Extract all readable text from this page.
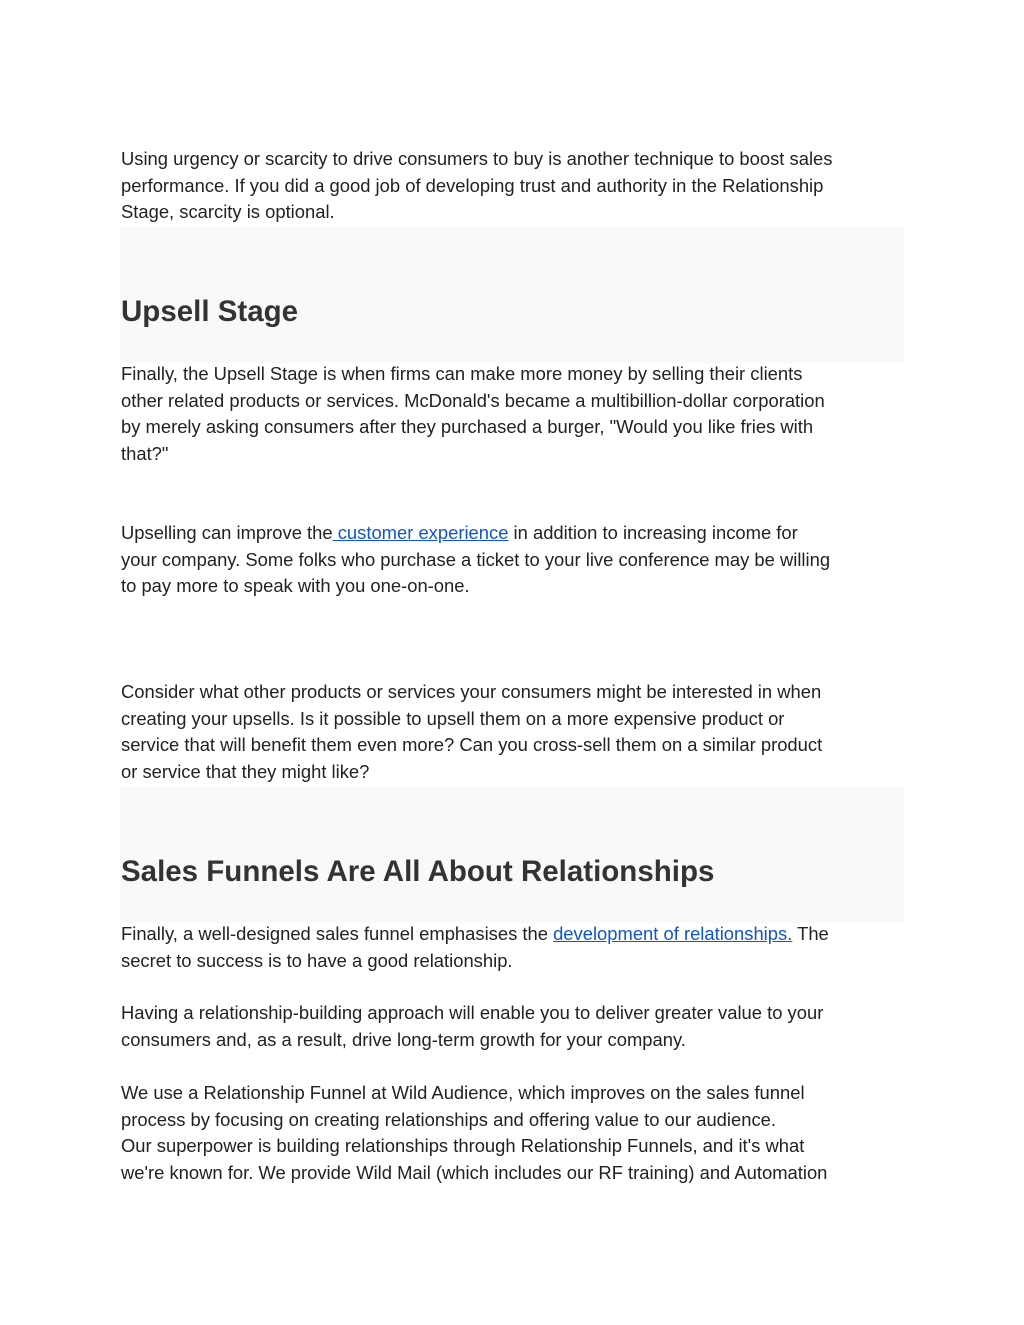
Using urgency or scarcity to drive consumers to buy is another technique to boost sales
performance. If you did a good job of developing trust and authority in the Relationship
Stage, scarcity is optional.

Upsell Stage

Finally, the Upsell Stage is when firms can make more money by selling their clients
other related products or services. McDonald's became a multibillion-dollar corporation
by merely asking consumers after they purchased a burger, "Would you like fries with
that?"

Upselling can improve the customer experience in addition to increasing income for
your company. Some folks who purchase a ticket to your live conference may be willing
to pay more to speak with you one-on-one.

Consider what other products or services your consumers might be interested in when
creating your upsells. Is it possible to upsell them on a more expensive product or
service that will benefit them even more? Can you cross-sell them on a similar product
or service that they might like?

Sales Funnels Are All About Relationships

Finally, a well-designed sales funnel emphasises the development of relationships. The
secret to success is to have a good relationship.

Having a relationship-building approach will enable you to deliver greater value to your
consumers and, as a result, drive long-term growth for your company.

We use a Relationship Funnel at Wild Audience, which improves on the sales funnel
process by focusing on creating relationships and offering value to our audience.
Our superpower is building relationships through Relationship Funnels, and it's what
we're known for. We provide Wild Mail (which includes our RF training) and Automation
